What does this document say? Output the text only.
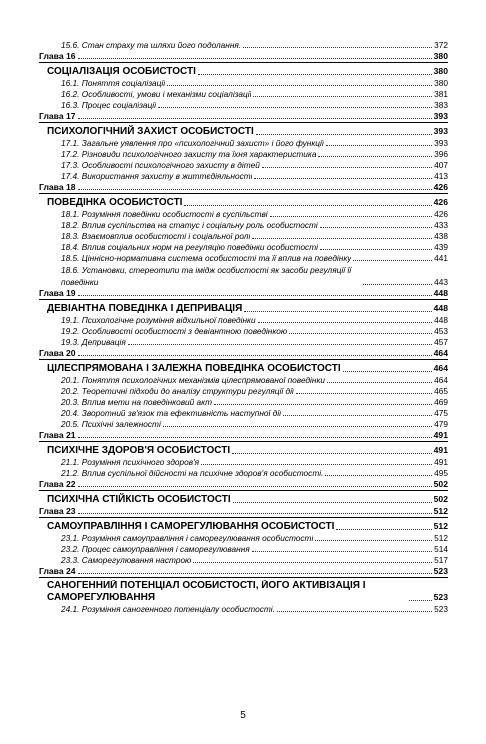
15.6. Стан страху та шляхи його подолання.	372
Глава 16	380
СОЦІАЛІЗАЦІЯ ОСОБИСТОСТІ	380
16.1. Поняття соціалізації	380
16.2. Особливості, умови і механізми соціалізації	381
16.3. Процес соціалізації	383
Глава 17	393
ПСИХОЛОГІЧНИЙ ЗАХИСТ ОСОБИСТОСТІ	393
17.1. Загальне уявлення про «психологічний захист» і його функції	393
17.2. Різновиди психологічного захисту та їхня характеристика	396
17.3. Особливості психологічного захисту в дітей	407
17.4. Використання захисту в життєдіяльності	413
Глава 18	426
ПОВЕДІНКА ОСОБИСТОСТІ	426
18.1. Розуміння поведінки особистості в суспільстві	426
18.2. Вплив суспільства на статус і соціальну роль особистості	433
18.3. Взаємовплив особистості і соціальної ролі	438
18.4. Вплив соціальних норм на регуляцію поведінки особистості	439
18.5. Ціннісно-нормативна система особистості та її вплив на поведінку	441
18.6. Установки, стереотипи та імідж особистості як засоби регуляції її поведінки	443
Глава 19	448
ДЕВІАНТНА ПОВЕДІНКА І ДЕПРИВАЦІЯ	448
19.1. Психологічне розуміння відхильної поведінки	448
19.2. Особливості особистості з девіантною поведінкою	453
19.3. Депривація	457
Глава 20	464
ЦІЛЕСПРЯМОВАНА І ЗАЛЕЖНА ПОВЕДІНКА ОСОБИСТОСТІ	464
20.1. Поняття психологічних механізмів цілеспрямованої поведінки	464
20.2. Теоретичні підходи до аналізу структури регуляції дії	465
20.3. Вплив мети на поведінковий акт	469
20.4. Зворотний зв'язок та ефективність наступної дії	475
20.5. Психічні залежності	479
Глава 21	491
ПСИХІЧНЕ ЗДОРОВ'Я ОСОБИСТОСТІ	491
21.1. Розуміння психічного здоров'я	491
21.2. Вплив суспільної дійсності на психічне здоров'я особистості.	495
Глава 22	502
ПСИХІЧНА СТІЙКІСТЬ ОСОБИСТОСТІ	502
Глава 23	512
САМОУПРАВЛІННЯ І САМОРЕГУЛЮВАННЯ ОСОБИСТОСТІ	512
23.1. Розуміння самоуправління і саморегулювання особистості	512
23.2. Процес самоуправління і саморегулювання	514
23.3. Саморегулювання настрою	517
Глава 24	523
САНОГЕННИЙ ПОТЕНЦІАЛ ОСОБИСТОСТІ, ЙОГО АКТИВІЗАЦІЯ І САМОРЕГУЛЮВАННЯ	523
24.1. Розуміння саногенного потенціалу особистості.	523
5
